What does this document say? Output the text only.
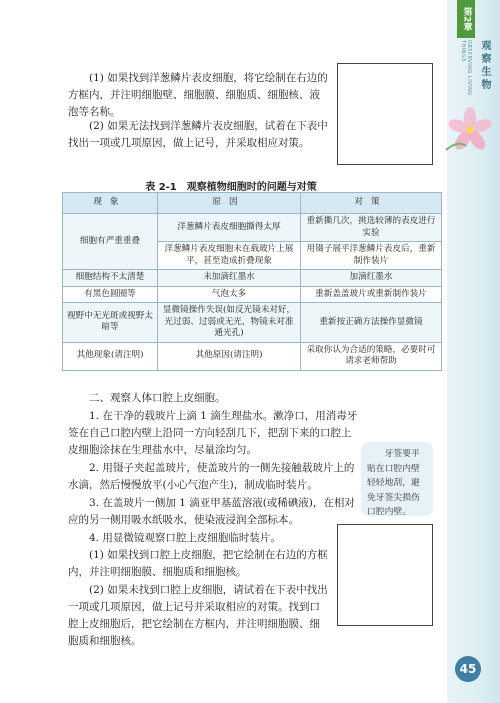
第2章
OBSERVING LIVING THINGS	观察生物
45

(1) 如果找到洋葱鳞片表皮细胞，将它绘制在右边的方框内，并注明细胞壁、细胞膜、细胞质、细胞核、液泡等名称。

(2) 如果无法找到洋葱鳞片表皮细胞，试着在下表中找出一项或几项原因，做上记号，并采取相应对策。

表 2-1　观察植物细胞时的问题与对策
现象	原因	对策
细胞有严重重叠	洋葱鳞片表皮细胞撕得太厚	重新撕几次，挑选较薄的表皮进行实验
	洋葱鳞片表皮细胞未在载玻片上展平，甚至造成折叠现象	用镊子展平洋葱鳞片表皮后，重新制作装片
细胞结构不太清楚	未加滴红墨水	加滴红墨水
有黑色圆圈等	气泡太多	重新盖盖玻片或重新制作装片
视野中无光斑或视野太暗等	显微镜操作失误(如反光镜未对好，光过弱、过弱或无光，物镜未对准通光孔)	重新按正确方法操作显微镜
其他现象(请注明)	其他原因(请注明)	采取你认为合适的策略，必要时可请求老师帮助

二、观察人体口腔上皮细胞。

1. 在干净的载玻片上滴 1 滴生理盐水。漱净口，用消毒牙签在自己口腔内壁上沿同一方向轻刮几下，把刮下来的口腔上皮细胞涂抹在生理盐水中，尽量涂均匀。

2. 用镊子夹起盖玻片，使盖玻片的一侧先接触载玻片上的水滴，然后慢慢放平(小心气泡产生)，制成临时装片。

3. 在盖玻片一侧加 1 滴亚甲基蓝溶液(或稀碘液)，在相对应的另一侧用吸水纸吸水，使染液浸润全部标本。

4. 用显微镜观察口腔上皮细胞临时装片。

(1) 如果找到口腔上皮细胞，把它绘制在右边的方框内，并注明细胞膜、细胞质和细胞核。

(2) 如果未找到口腔上皮细胞，请试着在下表中找出一项或几项原因，做上记号并采取相应的对策。找到口腔上皮细胞后，把它绘制在方框内，并注明细胞膜、细胞质和细胞核。

牙签要平贴在口腔内壁轻轻地刮，避免牙签尖损伤口腔内壁。
